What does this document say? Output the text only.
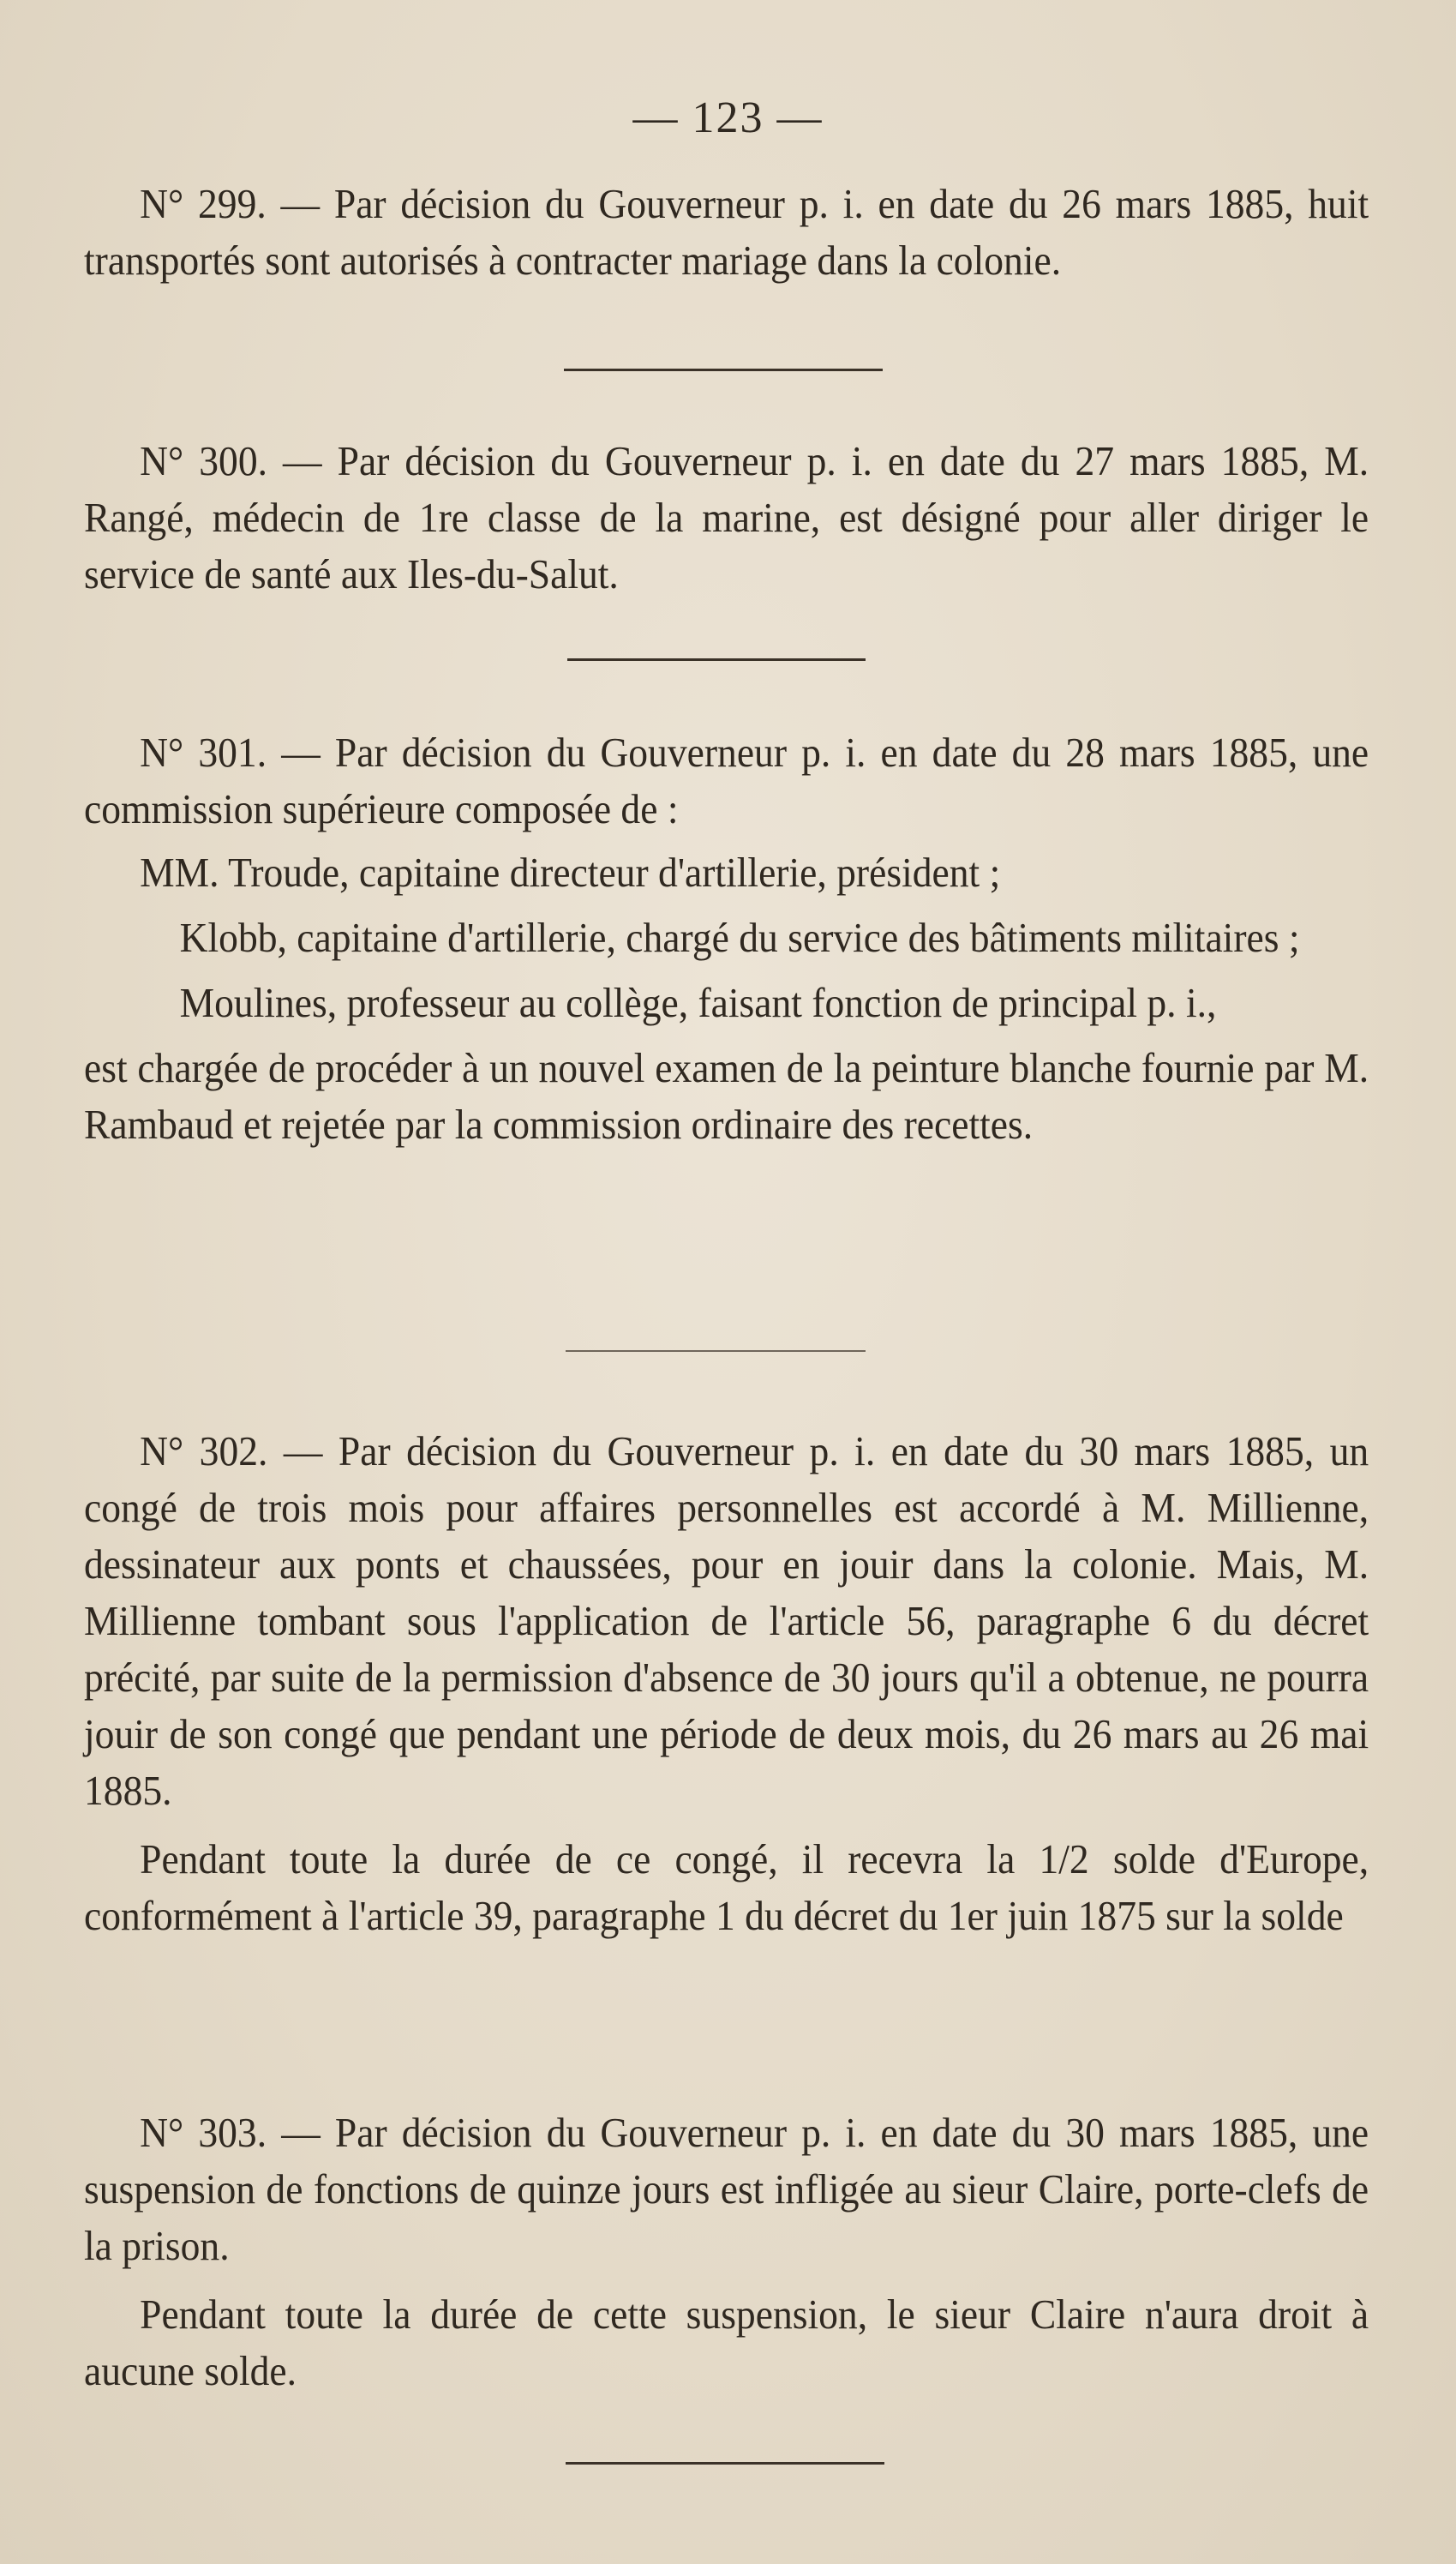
— 123 —

N° 299. — Par décision du Gouverneur p. i. en date du 26 mars 1885, huit transportés sont autorisés à contracter mariage dans la colonie.

N° 300. — Par décision du Gouverneur p. i. en date du 27 mars 1885, M. Rangé, médecin de 1re classe de la marine, est désigné pour aller diriger le service de santé aux Iles-du-Salut.

N° 301. — Par décision du Gouverneur p. i. en date du 28 mars 1885, une commission supérieure composée de :

MM. Troude, capitaine directeur d'artillerie, président ;

Klobb, capitaine d'artillerie, chargé du service des bâtiments militaires ;

Moulines, professeur au collège, faisant fonction de principal p. i.,

est chargée de procéder à un nouvel examen de la peinture blanche fournie par M. Rambaud et rejetée par la commission ordinaire des recettes.

N° 302. — Par décision du Gouverneur p. i. en date du 30 mars 1885, un congé de trois mois pour affaires personnelles est accordé à M. Millienne, dessinateur aux ponts et chaussées, pour en jouir dans la colonie. Mais, M. Millienne tombant sous l'application de l'article 56, paragraphe 6 du décret précité, par suite de la permission d'absence de 30 jours qu'il a obtenue, ne pourra jouir de son congé que pendant une période de deux mois, du 26 mars au 26 mai 1885.

Pendant toute la durée de ce congé, il recevra la 1/2 solde d'Europe, conformément à l'article 39, paragraphe 1 du décret du 1er juin 1875 sur la solde

N° 303. — Par décision du Gouverneur p. i. en date du 30 mars 1885, une suspension de fonctions de quinze jours est infligée au sieur Claire, porte-clefs de la prison.

Pendant toute la durée de cette suspension, le sieur Claire n'aura droit à aucune solde.
